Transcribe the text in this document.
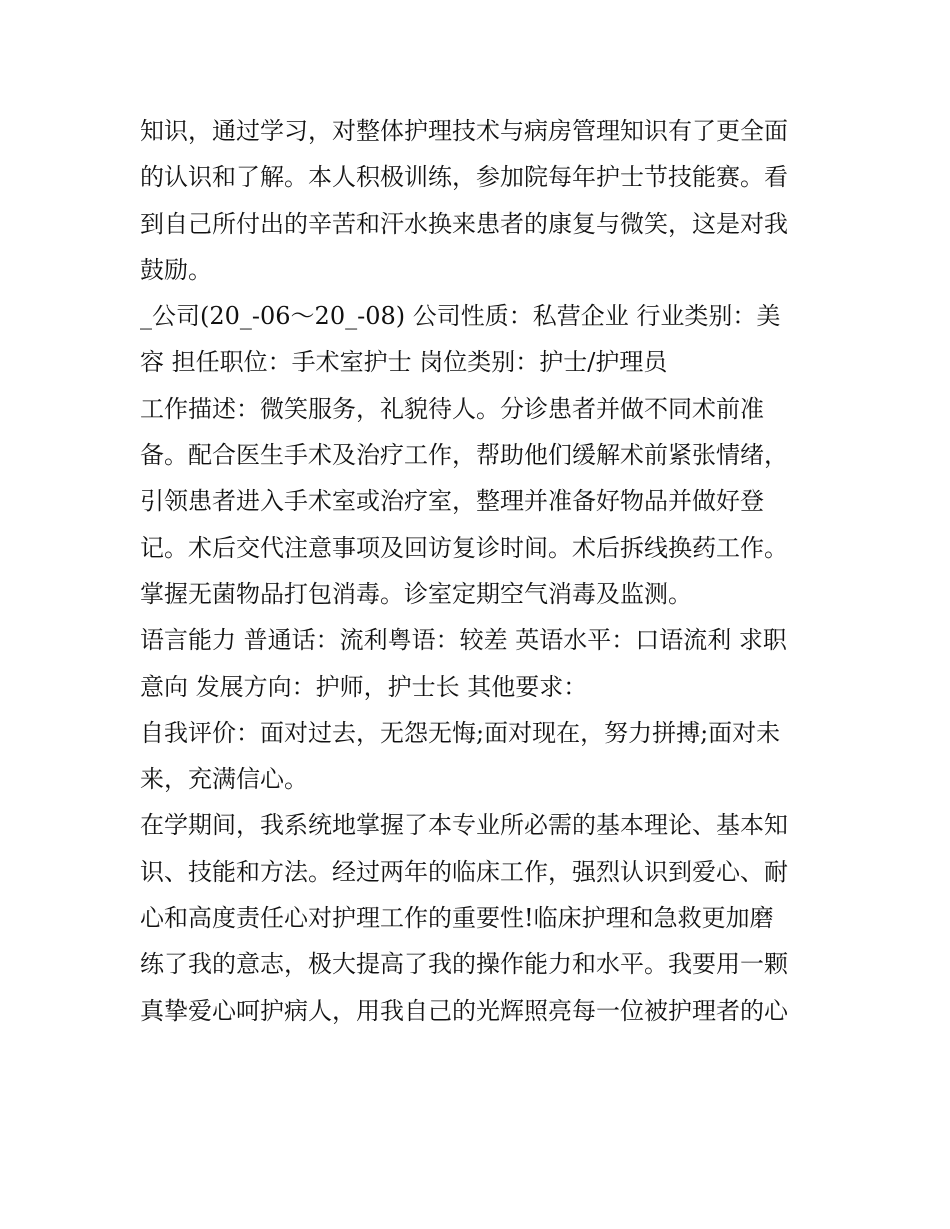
知识，通过学习，对整体护理技术与病房管理知识有了更全面
的认识和了解。本人积极训练，参加院每年护士节技能赛。看
到自己所付出的辛苦和汗水换来患者的康复与微笑，这是对我
鼓励。
_公司(20_-06～20_-08) 公司性质：私营企业 行业类别：美
容 担任职位：手术室护士 岗位类别：护士/护理员
工作描述：微笑服务，礼貌待人。分诊患者并做不同术前准
备。配合医生手术及治疗工作，帮助他们缓解术前紧张情绪，
引领患者进入手术室或治疗室，整理并准备好物品并做好登
记。术后交代注意事项及回访复诊时间。术后拆线换药工作。
掌握无菌物品打包消毒。诊室定期空气消毒及监测。
语言能力 普通话：流利粤语：较差 英语水平：口语流利 求职
意向 发展方向：护师，护士长 其他要求：
自我评价：面对过去，无怨无悔;面对现在，努力拼搏;面对未
来，充满信心。
在学期间，我系统地掌握了本专业所必需的基本理论、基本知
识、技能和方法。经过两年的临床工作，强烈认识到爱心、耐
心和高度责任心对护理工作的重要性!临床护理和急救更加磨
练了我的意志，极大提高了我的操作能力和水平。我要用一颗
真挚爱心呵护病人，用我自己的光辉照亮每一位被护理者的心
